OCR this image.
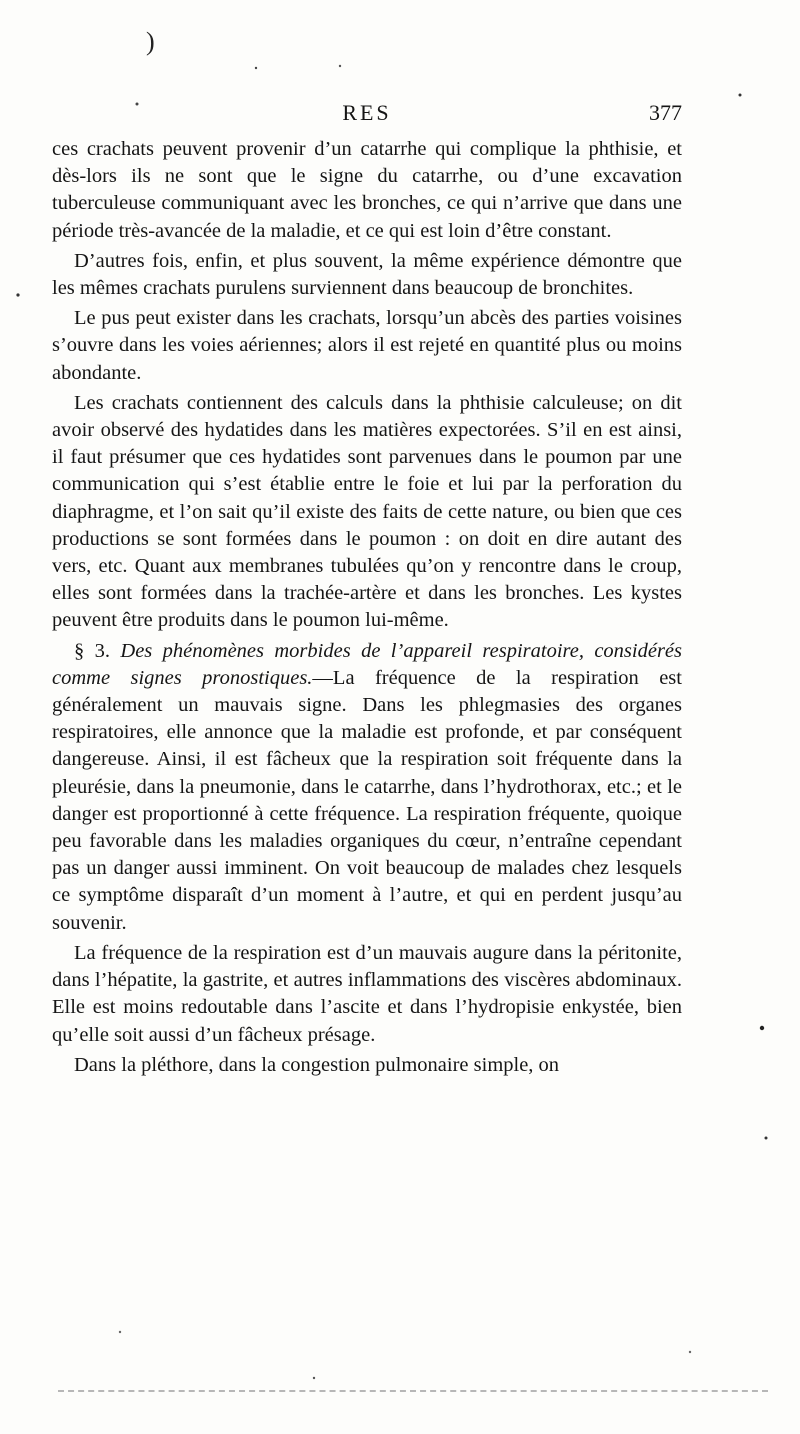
)
RES	377

ces crachats peuvent provenir d’un catarrhe qui complique la phthisie, et dès-lors ils ne sont que le signe du catarrhe, ou d’une excavation tuberculeuse communiquant avec les bronches, ce qui n’arrive que dans une période très-avancée de la maladie, et ce qui est loin d’être constant.

D’autres fois, enfin, et plus souvent, la même expérience démontre que les mêmes crachats purulens surviennent dans beaucoup de bronchites.

Le pus peut exister dans les crachats, lorsqu’un abcès des parties voisines s’ouvre dans les voies aériennes; alors il est rejeté en quantité plus ou moins abondante.

Les crachats contiennent des calculs dans la phthisie calculeuse; on dit avoir observé des hydatides dans les matières expectorées. S’il en est ainsi, il faut présumer que ces hydatides sont parvenues dans le poumon par une communication qui s’est établie entre le foie et lui par la perforation du diaphragme, et l’on sait qu’il existe des faits de cette nature, ou bien que ces productions se sont formées dans le poumon : on doit en dire autant des vers, etc. Quant aux membranes tubulées qu’on y rencontre dans le croup, elles sont formées dans la trachée-artère et dans les bronches. Les kystes peuvent être produits dans le poumon lui-même.

§ 3. Des phénomènes morbides de l’appareil respiratoire, considérés comme signes pronostiques.—La fréquence de la respiration est généralement un mauvais signe. Dans les phlegmasies des organes respiratoires, elle annonce que la maladie est profonde, et par conséquent dangereuse. Ainsi, il est fâcheux que la respiration soit fréquente dans la pleurésie, dans la pneumonie, dans le catarrhe, dans l’hydrothorax, etc.; et le danger est proportionné à cette fréquence. La respiration fréquente, quoique peu favorable dans les maladies organiques du cœur, n’entraîne cependant pas un danger aussi imminent. On voit beaucoup de malades chez lesquels ce symptôme disparaît d’un moment à l’autre, et qui en perdent jusqu’au souvenir.

La fréquence de la respiration est d’un mauvais augure dans la péritonite, dans l’hépatite, la gastrite, et autres inflammations des viscères abdominaux. Elle est moins redoutable dans l’ascite et dans l’hydropisie enkystée, bien qu’elle soit aussi d’un fâcheux présage.

Dans la pléthore, dans la congestion pulmonaire simple, on
